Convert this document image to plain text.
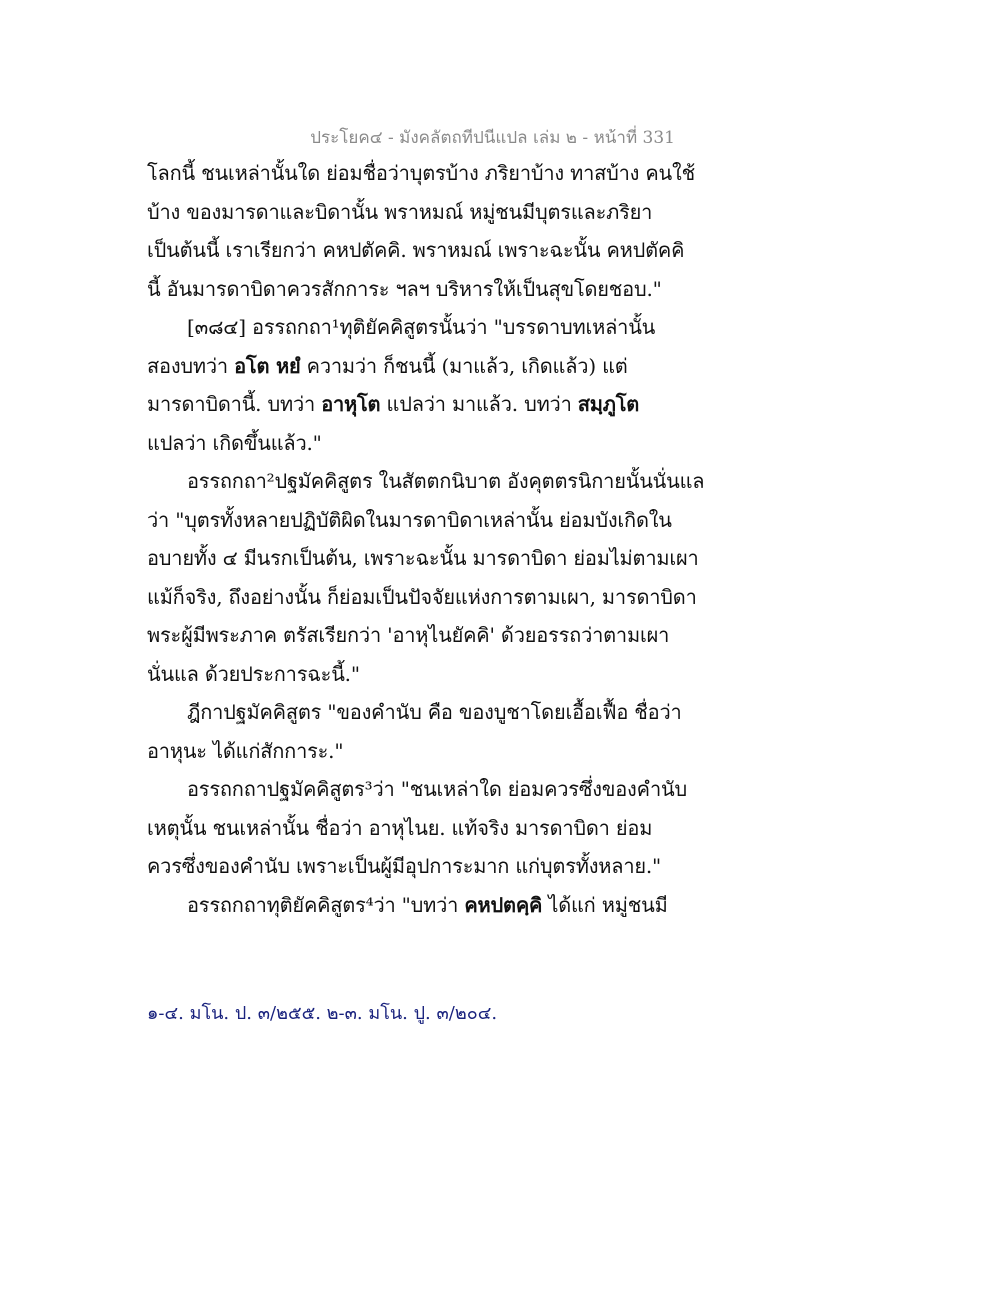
ประโยค๔ - มังคลัตถทีปนีแปล เล่ม ๒ - หน้าที่ 331
โลกนี้ ชนเหล่านั้นใด ย่อมชื่อว่าบุตรบ้าง ภริยาบ้าง ทาสบ้าง คนใช้
บ้าง ของมารดาและบิดานั้น พราหมณ์ หมู่ชนมีบุตรและภริยา
เป็นต้นนี้ เราเรียกว่า คหปตัคคิ. พราหมณ์ เพราะฉะนั้น คหปตัคคิ
นี้ อันมารดาบิดาควรสักการะ ฯลฯ บริหารให้เป็นสุขโดยชอบ."
[๓๘๔] อรรถกถา¹ทุติยัคคิสูตรนั้นว่า "บรรดาบทเหล่านั้น
สองบทว่า อโต หยํ ความว่า ก็ชนนี้ (มาแล้ว, เกิดแล้ว) แต่
มารดาบิดานี้. บทว่า อาหุโต แปลว่า มาแล้ว. บทว่า สมฺภูโต
แปลว่า เกิดขึ้นแล้ว."
อรรถกถา²ปฐมัคคิสูตร ในสัตตกนิบาต อังคุตตรนิกายนั้นนั่นแล
ว่า "บุตรทั้งหลายปฏิบัติผิดในมารดาบิดาเหล่านั้น ย่อมบังเกิดใน
อบายทั้ง ๔ มีนรกเป็นต้น, เพราะฉะนั้น มารดาบิดา ย่อมไม่ตามเผา
แม้ก็จริง, ถึงอย่างนั้น ก็ย่อมเป็นปัจจัยแห่งการตามเผา, มารดาบิดา
พระผู้มีพระภาค ตรัสเรียกว่า 'อาหุไนยัคคิ' ด้วยอรรถว่าตามเผา
นั่นแล ด้วยประการฉะนี้."
ฎีกาปฐมัคคิสูตร "ของคำนับ คือ ของบูชาโดยเอื้อเฟื้อ ชื่อว่า
อาหุนะ ได้แก่สักการะ."
อรรถกถาปฐมัคคิสูตร³ว่า "ชนเหล่าใด ย่อมควรซึ่งของคำนับ
เหตุนั้น ชนเหล่านั้น ชื่อว่า อาหุไนย. แท้จริง มารดาบิดา ย่อม
ควรซึ่งของคำนับ เพราะเป็นผู้มีอุปการะมาก แก่บุตรทั้งหลาย."
อรรถกถาทุติยัคคิสูตร⁴ว่า "บทว่า คหปตคฺคิ ได้แก่ หมู่ชนมี
๑-๔. มโน. ป. ๓/๒๕๕. ๒-๓. มโน. ปู. ๓/๒๐๔.
